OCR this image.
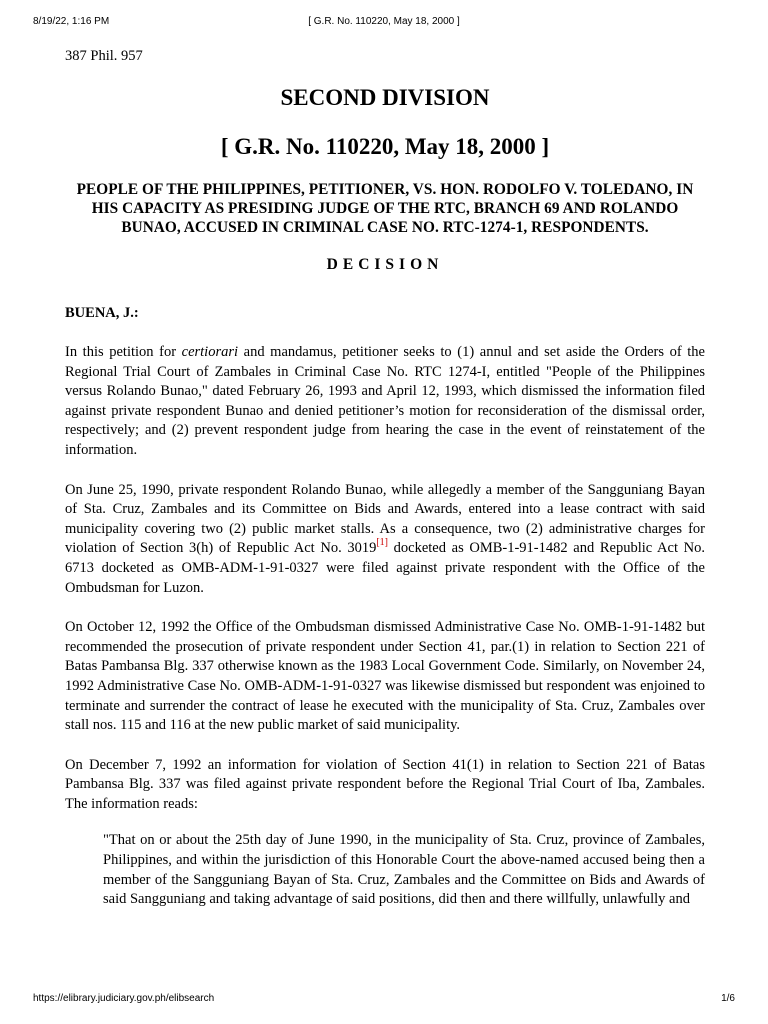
8/19/22, 1:16 PM	[ G.R. No. 110220, May 18, 2000 ]
387 Phil. 957
SECOND DIVISION
[ G.R. No. 110220, May 18, 2000 ]
PEOPLE OF THE PHILIPPINES, PETITIONER, VS. HON. RODOLFO V. TOLEDANO, IN HIS CAPACITY AS PRESIDING JUDGE OF THE RTC, BRANCH 69 AND ROLANDO BUNAO, ACCUSED IN CRIMINAL CASE NO. RTC-1274-1, RESPONDENTS.
DECISION
BUENA, J.:

In this petition for certiorari and mandamus, petitioner seeks to (1) annul and set aside the Orders of the Regional Trial Court of Zambales in Criminal Case No. RTC 1274-I, entitled "People of the Philippines versus Rolando Bunao," dated February 26, 1993 and April 12, 1993, which dismissed the information filed against private respondent Bunao and denied petitioner’s motion for reconsideration of the dismissal order, respectively; and (2) prevent respondent judge from hearing the case in the event of reinstatement of the information.

On June 25, 1990, private respondent Rolando Bunao, while allegedly a member of the Sangguniang Bayan of Sta. Cruz, Zambales and its Committee on Bids and Awards, entered into a lease contract with said municipality covering two (2) public market stalls. As a consequence, two (2) administrative charges for violation of Section 3(h) of Republic Act No. 3019[1] docketed as OMB-1-91-1482 and Republic Act No. 6713 docketed as OMB-ADM-1-91-0327 were filed against private respondent with the Office of the Ombudsman for Luzon.

On October 12, 1992 the Office of the Ombudsman dismissed Administrative Case No. OMB-1-91-1482 but recommended the prosecution of private respondent under Section 41, par.(1) in relation to Section 221 of Batas Pambansa Blg. 337 otherwise known as the 1983 Local Government Code. Similarly, on November 24, 1992 Administrative Case No. OMB-ADM-1-91-0327 was likewise dismissed but respondent was enjoined to terminate and surrender the contract of lease he executed with the municipality of Sta. Cruz, Zambales over stall nos. 115 and 116 at the new public market of said municipality.

On December 7, 1992 an information for violation of Section 41(1) in relation to Section 221 of Batas Pambansa Blg. 337 was filed against private respondent before the Regional Trial Court of Iba, Zambales. The information reads:

"That on or about the 25th day of June 1990, in the municipality of Sta. Cruz, province of Zambales, Philippines, and within the jurisdiction of this Honorable Court the above-named accused being then a member of the Sangguniang Bayan of Sta. Cruz, Zambales and the Committee on Bids and Awards of said Sangguniang and taking advantage of said positions, did then and there willfully, unlawfully and

https://elibrary.judiciary.gov.ph/elibsearch	1/6
